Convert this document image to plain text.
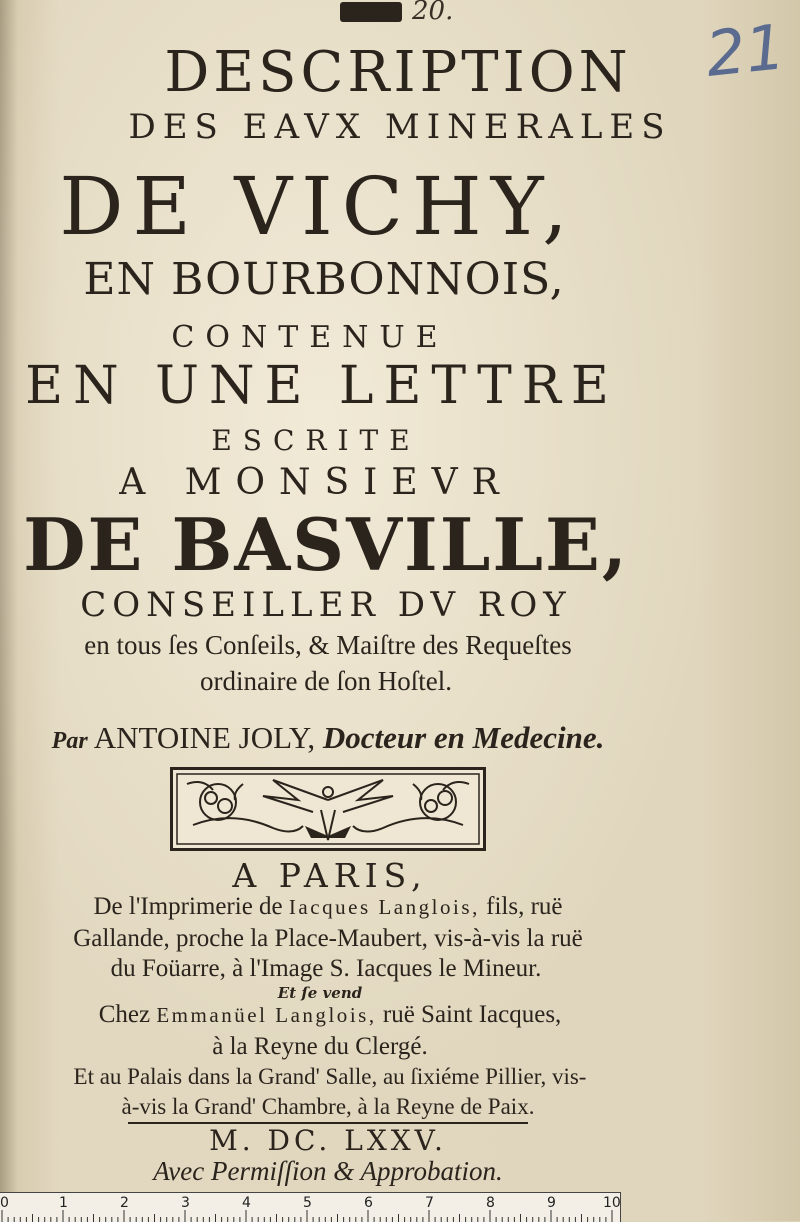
20.	21
DESCRIPTION
DES EAVX MINERALES
DE VICHY,
EN BOURBONNOIS,
CONTENUE
EN UNE LETTRE
ESCRITE
A MONSIEVR
DE BASVILLE,
CONSEILLER DV ROY
en tous ſes Conſeils, & Maiſtre des Requeſtes
ordinaire de ſon Hoſtel.
Par ANTOINE JOLY, Docteur en Medecine.
A PARIS,
De l'Imprimerie de Iacques Langlois, fils, ruë
Gallande, proche la Place-Maubert, vis-à-vis la ruë
du Foüarre, à l'Image S. Iacques le Mineur.
Et ſe vend
Chez Emmanüel Langlois, ruë Saint Iacques,
à la Reyne du Clergé.
Et au Palais dans la Grand' Salle, au ſixiéme Pillier, vis-
à-vis la Grand' Chambre, à la Reyne de Paix.
M. DC. LXXV.
Avec Permiſſion & Approbation.
0	1	2	3	4	5	6	7	8	9	10
